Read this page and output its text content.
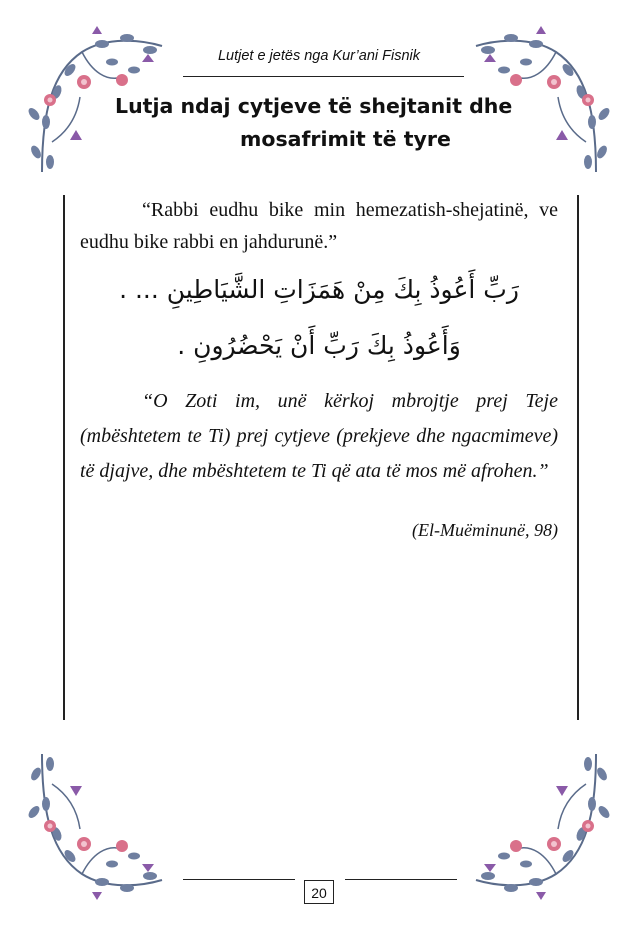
Lutjet e jetës nga Kur’ani Fisnik
Lutja ndaj cytjeve të shejtanit dhe
mosafrimit të tyre
“Rabbi eudhu bike min hemezatish-shejatinë, ve eudhu bike rabbi en jahdurunë.”
رَبِّ أَعُوذُ بِكَ مِنْ هَمَزَاتِ الشَّيَاطِينِ ... .
وَأَعُوذُ بِكَ رَبِّ أَنْ يَحْضُرُونِ .
“O Zoti im, unë kërkoj mbrojtje prej Teje (mbështetem te Ti) prej cytjeve (prekjeve dhe ngacmimeve) të djajve, dhe mbështetem te Ti që ata të mos më afrohen.”
(El-Muëminunë, 98)
20
